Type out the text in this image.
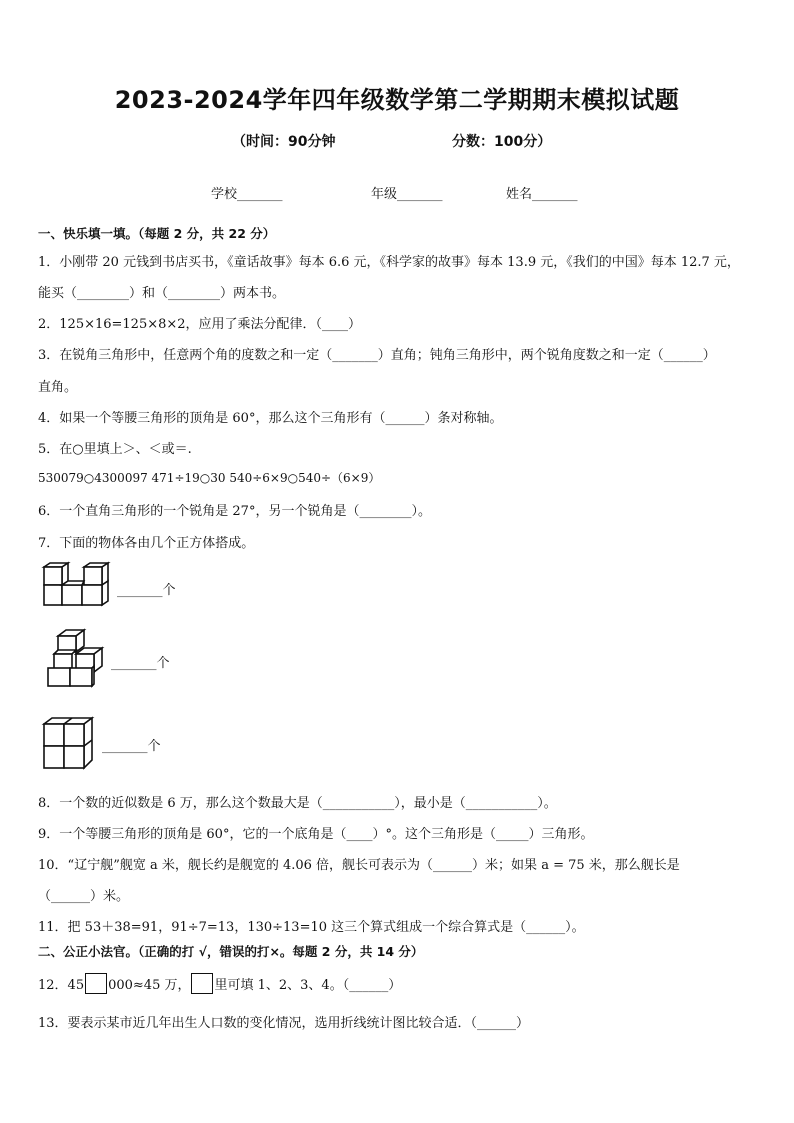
2023-2024学年四年级数学第二学期期末模拟试题
（时间：90分钟	分数：100分）
学校_______	年级_______	姓名_______
一、快乐填一填。（每题 2 分，共 22 分）
1．小刚带 20 元钱到书店买书，《童话故事》每本 6.6 元，《科学家的故事》每本 13.9 元，《我们的中国》每本 12.7 元，
能买（________）和（________）两本书。
2．125×16=125×8×2，应用了乘法分配律．（____）
3．在锐角三角形中，任意两个角的度数之和一定（_______）直角；钝角三角形中，两个锐角度数之和一定（______）
直角。
4．如果一个等腰三角形的顶角是 60°，那么这个三角形有（______）条对称轴。
5．在○里填上＞、＜或＝.
530079○4300097 471÷19○30 540÷6×9○540÷（6×9）
6．一个直角三角形的一个锐角是 27°，另一个锐角是（________）。
7．下面的物体各由几个正方体搭成。
_______个
_______个
_______个
8．一个数的近似数是 6 万，那么这个数最大是（___________），最小是（___________）。
9．一个等腰三角形的顶角是 60°，它的一个底角是（____）°。这个三角形是（_____）三角形。
10．“辽宁舰”舰宽 a 米，舰长约是舰宽的 4.06 倍，舰长可表示为（______）米；如果 a = 75 米，那么舰长是
（______）米。
11．把 53＋38=91，91÷7=13，130÷13=10 这三个算式组成一个综合算式是（______）。
二、公正小法官。（正确的打 √，错误的打×。每题 2 分，共 14 分）
12．45 000≈45 万， 里可填 1、2、3、4。（______）
13．要表示某市近几年出生人口数的变化情况，选用折线统计图比较合适．（______）
